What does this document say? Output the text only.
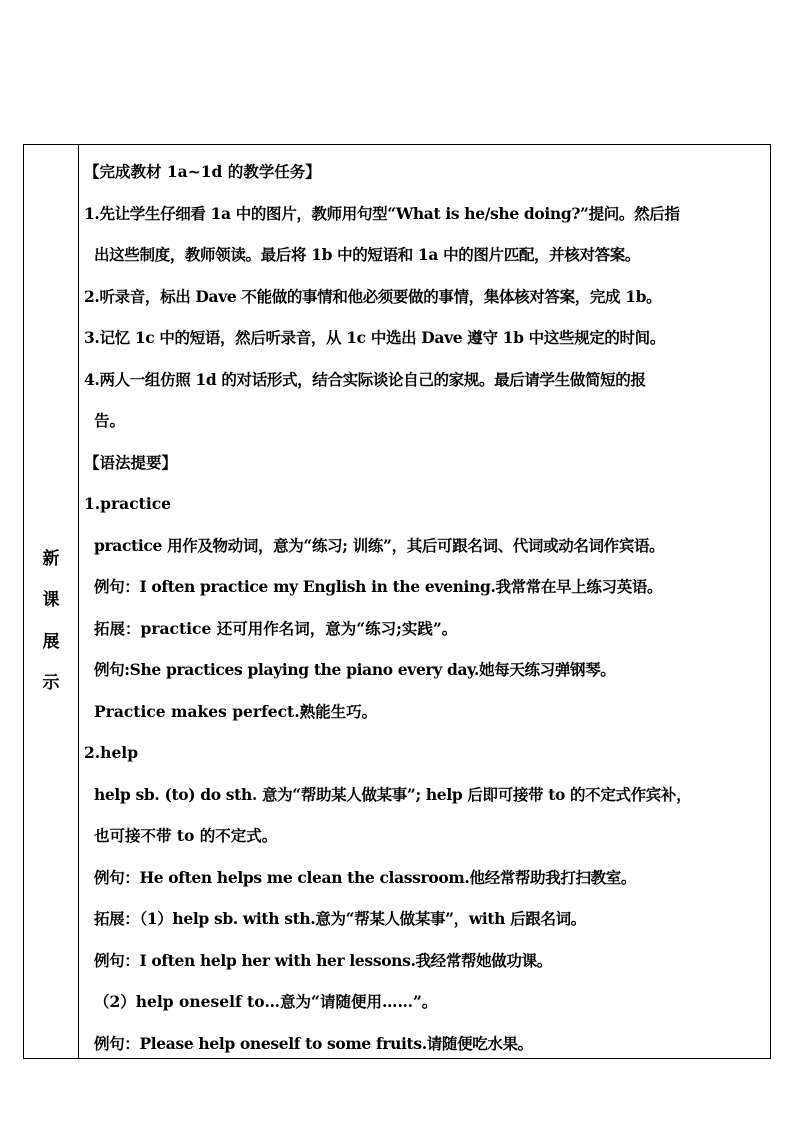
新
课
展
示
【完成教材 1a~1d 的教学任务】
1.先让学生仔细看 1a 中的图片，教师用句型“What is he/she doing?”提问。然后指
出这些制度，教师领读。最后将 1b 中的短语和 1a 中的图片匹配，并核对答案。
2.听录音，标出 Dave 不能做的事情和他必须要做的事情，集体核对答案，完成 1b。
3.记忆 1c 中的短语，然后听录音，从 1c 中选出 Dave 遵守 1b 中这些规定的时间。
4.两人一组仿照 1d 的对话形式，结合实际谈论自己的家规。最后请学生做简短的报
告。
【语法提要】
1.practice
practice 用作及物动词，意为“练习; 训练”，其后可跟名词、代词或动名词作宾语。
例句：I often practice my English in the evening.我常常在早上练习英语。
拓展：practice 还可用作名词，意为“练习;实践”。
例句:She practices playing the piano every day.她每天练习弹钢琴。
Practice makes perfect.熟能生巧。
2.help
help sb. (to) do sth. 意为“帮助某人做某事”; help 后即可接带 to 的不定式作宾补，
也可接不带 to 的不定式。
例句：He often helps me clean the classroom.他经常帮助我打扫教室。
拓展：（1）help sb. with sth.意为“帮某人做某事”，with 后跟名词。
例句：I often help her with her lessons.我经常帮她做功课。
（2）help oneself to…意为“请随便用……”。
例句：Please help oneself to some fruits.请随便吃水果。
